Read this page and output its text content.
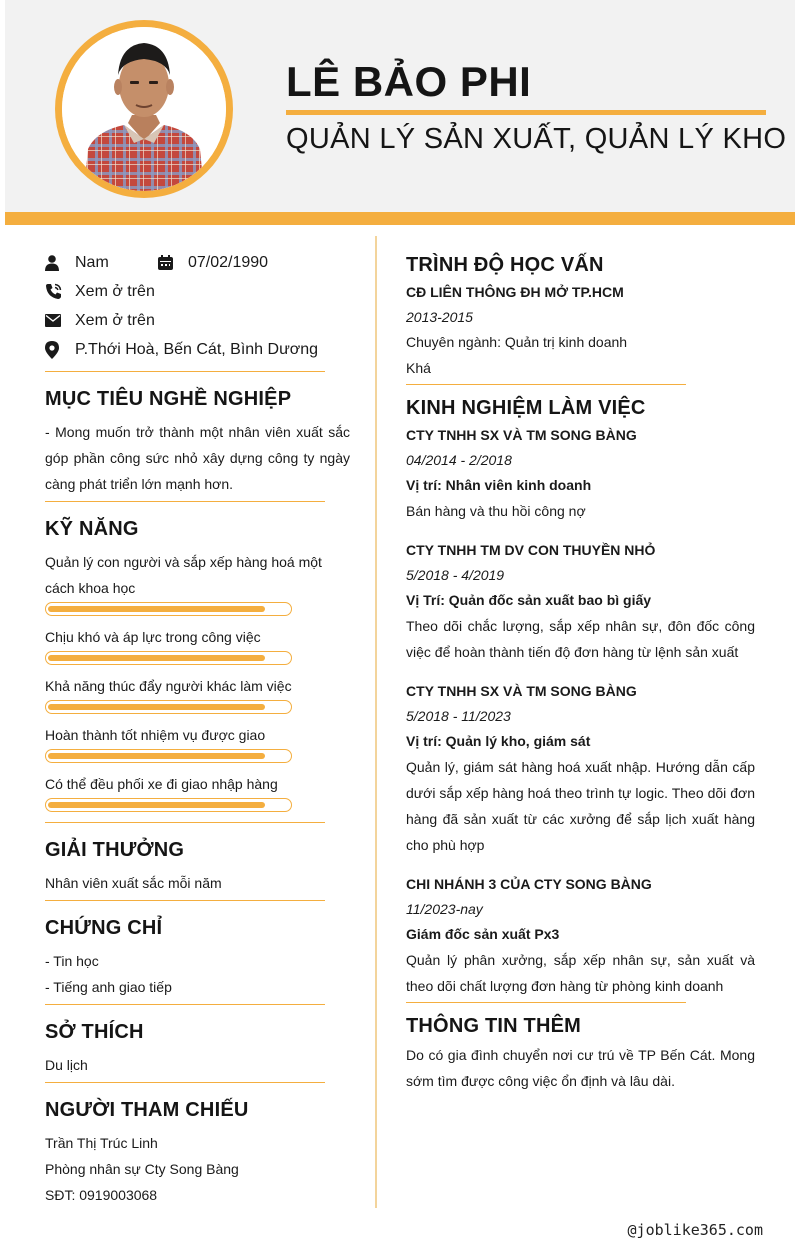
LÊ BẢO PHI
QUẢN LÝ SẢN XUẤT, QUẢN LÝ KHO
Nam	07/02/1990
Xem ở trên
Xem ở trên
P.Thới Hoà, Bến Cát, Bình Dương
MỤC TIÊU NGHỀ NGHIỆP
- Mong muốn trở thành một nhân viên xuất sắc góp phần công sức nhỏ xây dựng công ty ngày càng phát triển lớn mạnh hơn.
KỸ NĂNG
Quản lý con người và sắp xếp hàng hoá một cách khoa học
Chịu khó và áp lực trong công việc
Khả năng thúc đẩy người khác làm việc
Hoàn thành tốt nhiệm vụ được giao
Có thể đều phối xe đi giao nhập hàng
GIẢI THƯỞNG
Nhân viên xuất sắc mỗi năm
CHỨNG CHỈ
- Tin học
- Tiếng anh giao tiếp
SỞ THÍCH
Du lịch
NGƯỜI THAM CHIẾU
Trần Thị Trúc Linh
Phòng nhân sự Cty Song Bàng
SĐT: 0919003068
TRÌNH ĐỘ HỌC VẤN
CĐ LIÊN THÔNG ĐH MỞ TP.HCM
2013-2015
Chuyên ngành: Quản trị kinh doanh
Khá
KINH NGHIỆM LÀM VIỆC
CTY TNHH SX VÀ TM SONG BÀNG
04/2014 - 2/2018
Vị trí: Nhân viên kinh doanh
Bán hàng và thu hồi công nợ
CTY TNHH TM DV CON THUYỀN NHỎ
5/2018 - 4/2019
Vị Trí: Quản đốc sản xuất bao bì giấy
Theo dõi chắc lượng, sắp xếp nhân sự, đôn đốc công việc để hoàn thành tiến độ đơn hàng từ lệnh sản xuất
CTY TNHH SX VÀ TM SONG BÀNG
5/2018 - 11/2023
Vị trí: Quản lý kho, giám sát
Quản lý, giám sát hàng hoá xuất nhập. Hướng dẫn cấp dưới sắp xếp hàng hoá theo trình tự logic. Theo dõi đơn hàng đã sản xuất từ các xưởng để sắp lịch xuất hàng cho phù hợp
CHI NHÁNH 3 CỦA CTY SONG BÀNG
11/2023-nay
Giám đốc sản xuất Px3
Quản lý phân xưởng, sắp xếp nhân sự, sản xuất và theo dõi chất lượng đơn hàng từ phòng kinh doanh
THÔNG TIN THÊM
Do có gia đình chuyển nơi cư trú về TP Bến Cát. Mong sớm tìm được công việc ổn định và lâu dài.
@joblike365.com
